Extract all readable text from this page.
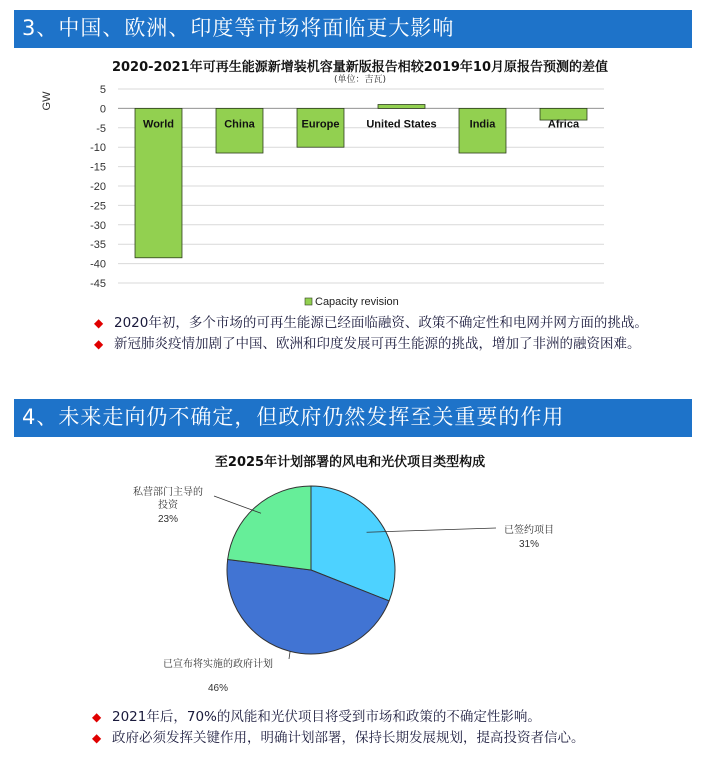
3、中国、欧洲、印度等市场将面临更大影响
2020-2021年可再生能源新增装机容量新版报告相较2019年10月原报告预测的差值
(单位：吉瓦)
5
0
-5
-10
-15
-20
-25
-30
-35
-40
-45
GW
World	China	Europe United States	India	Africa
Capacity revision
◆ 2020年初，多个市场的可再生能源已经面临融资、政策不确定性和电网并网方面的挑战。
◆ 新冠肺炎疫情加剧了中国、欧洲和印度发展可再生能源的挑战，增加了非洲的融资困难。
4、未来走向仍不确定，但政府仍然发挥至关重要的作用
至2025年计划部署的风电和光伏项目类型构成
已签约项目
31%
已宣布将实施的政府计划
46%
私营部门主导的
投资
23%
◆ 2021年后，70%的风能和光伏项目将受到市场和政策的不确定性影响。
◆ 政府必须发挥关键作用，明确计划部署，保持长期发展规划，提高投资者信心。
